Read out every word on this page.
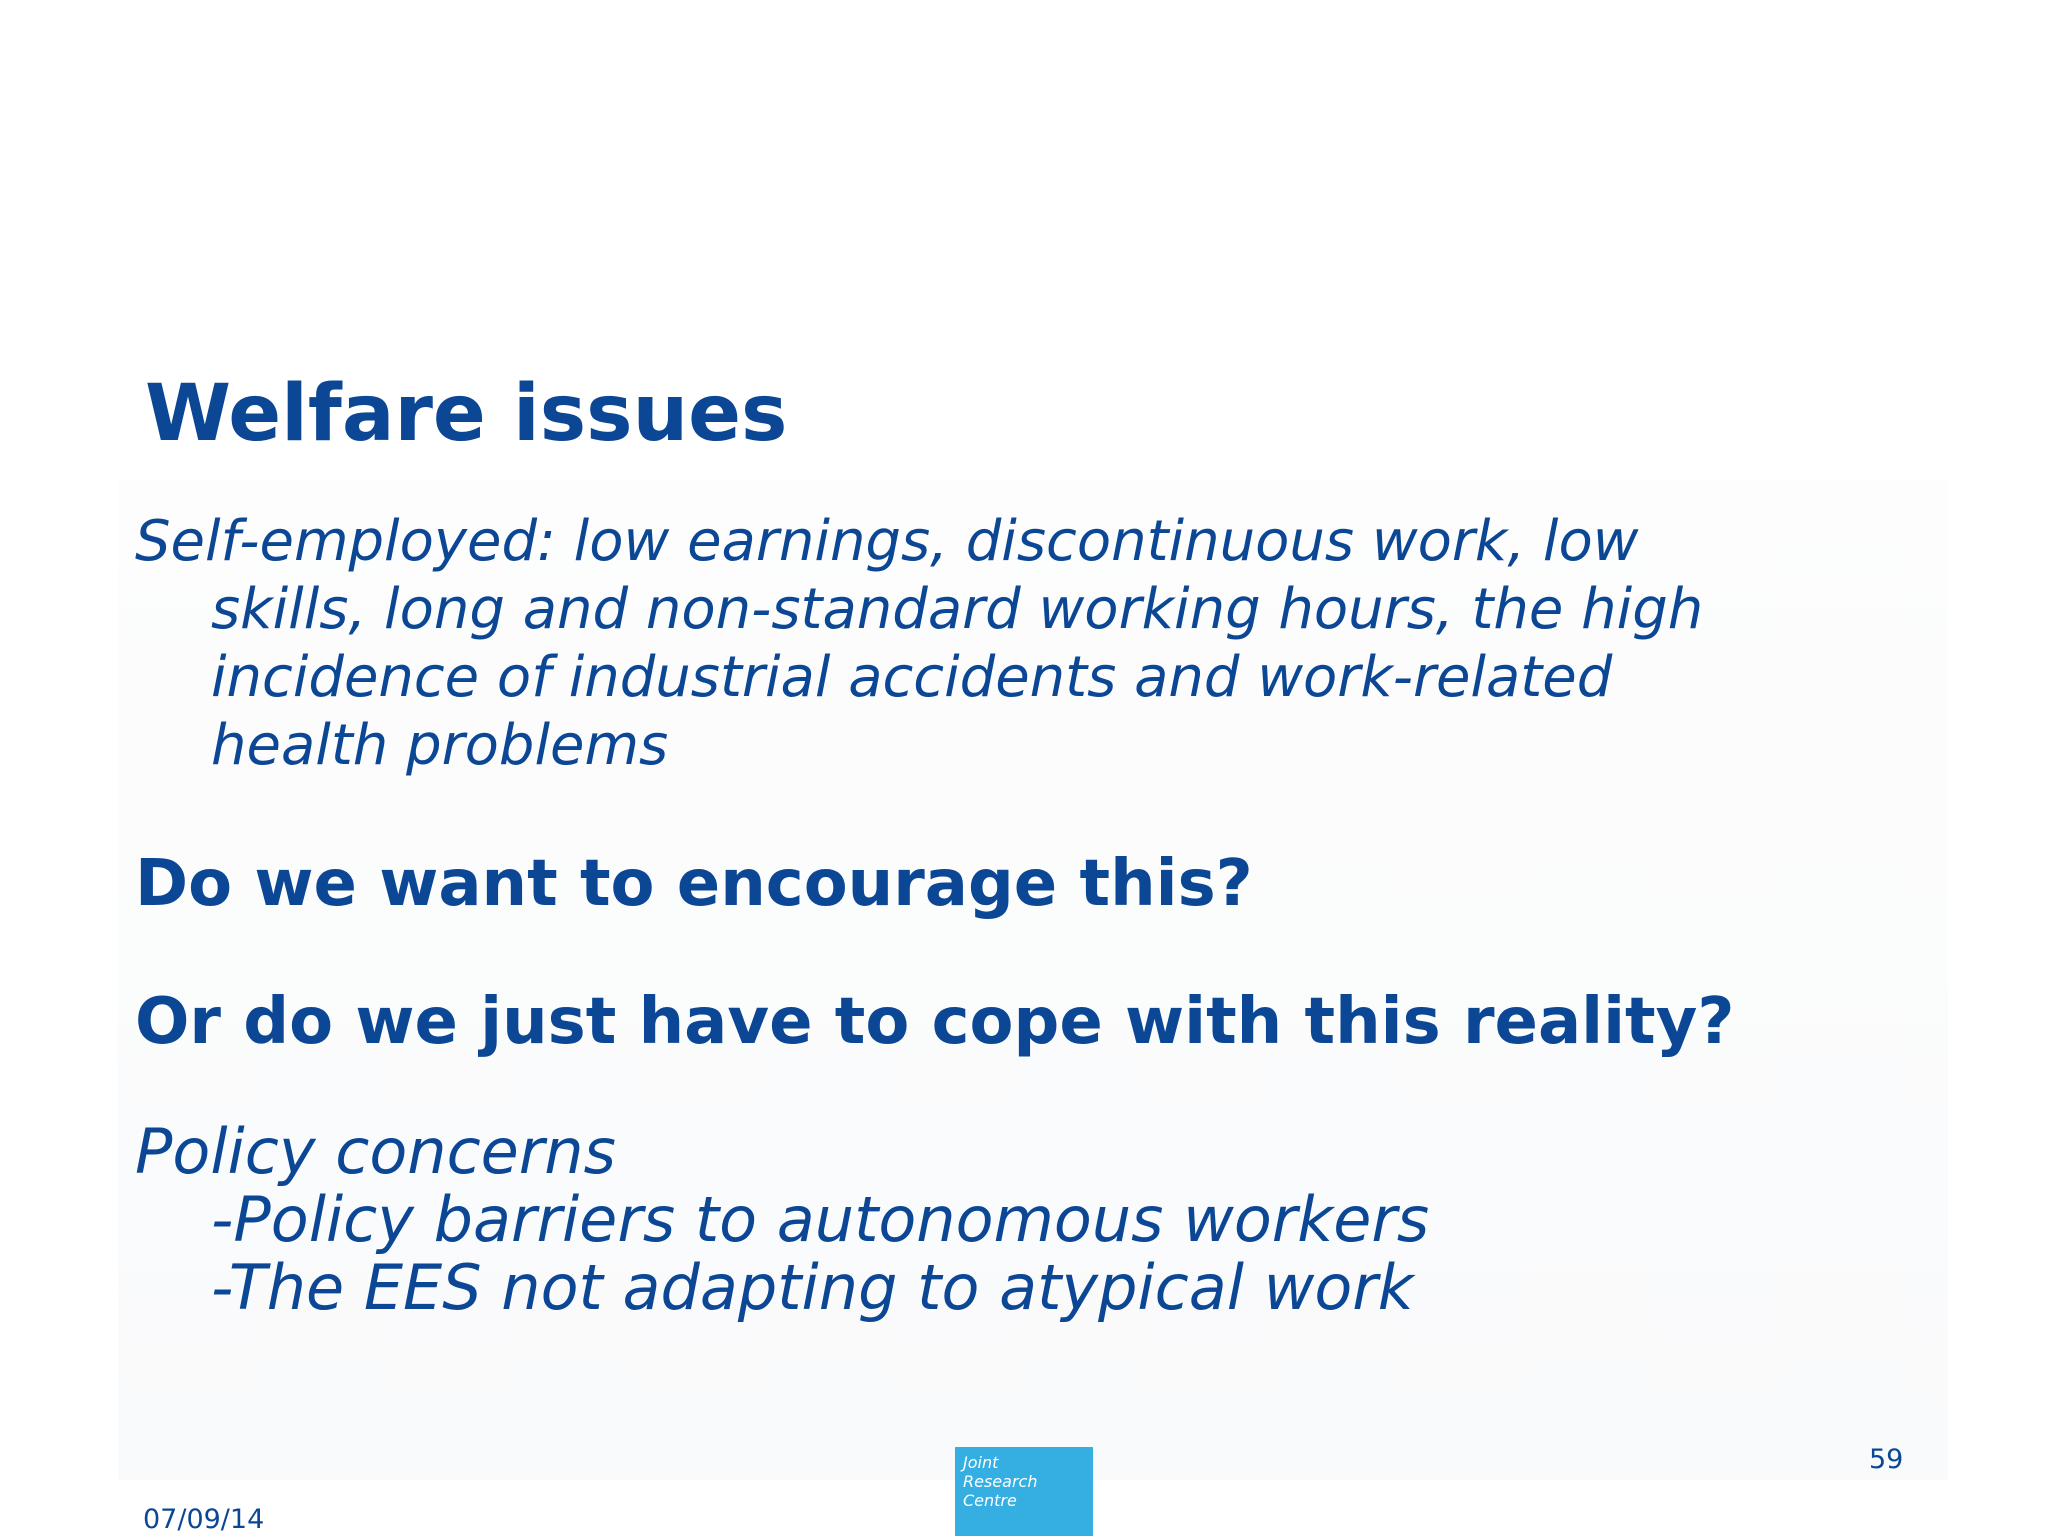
Welfare issues

Self-employed: low earnings, discontinuous work, low
skills, long and non-standard working hours, the high
incidence of industrial accidents and work-related
health problems

Do we want to encourage this?

Or do we just have to cope with this reality?

Policy concerns
-Policy barriers to autonomous workers
-The EES not adapting to atypical work
Joint
Research
Centre
59
07/09/14
